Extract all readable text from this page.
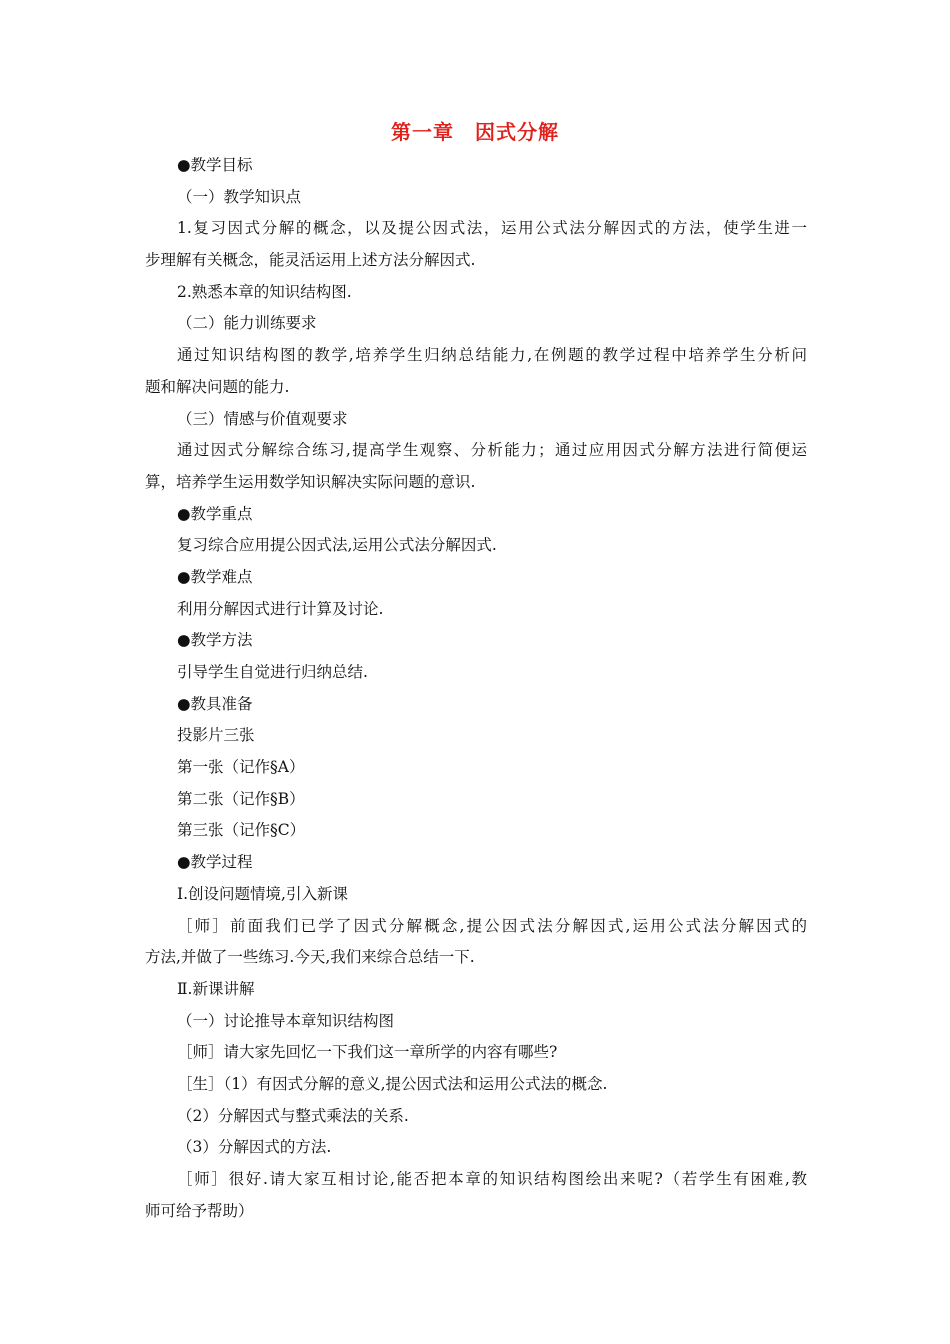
第一章　因式分解
●教学目标
（一）教学知识点
1.复习因式分解的概念，以及提公因式法，运用公式法分解因式的方法，使学生进一
步理解有关概念，能灵活运用上述方法分解因式.
2.熟悉本章的知识结构图.
（二）能力训练要求
通过知识结构图的教学,培养学生归纳总结能力,在例题的教学过程中培养学生分析问
题和解决问题的能力.
（三）情感与价值观要求
通过因式分解综合练习,提高学生观察、分析能力；通过应用因式分解方法进行简便运
算，培养学生运用数学知识解决实际问题的意识.
●教学重点
复习综合应用提公因式法,运用公式法分解因式.
●教学难点
利用分解因式进行计算及讨论.
●教学方法
引导学生自觉进行归纳总结.
●教具准备
投影片三张
第一张（记作§A）
第二张（记作§B）
第三张（记作§C）
●教学过程
Ⅰ.创设问题情境,引入新课
［师］前面我们已学了因式分解概念,提公因式法分解因式,运用公式法分解因式的
方法,并做了一些练习.今天,我们来综合总结一下.
Ⅱ.新课讲解
（一）讨论推导本章知识结构图
［师］请大家先回忆一下我们这一章所学的内容有哪些?
［生］（1）有因式分解的意义,提公因式法和运用公式法的概念.
（2）分解因式与整式乘法的关系.
（3）分解因式的方法.
［师］很好.请大家互相讨论,能否把本章的知识结构图绘出来呢?（若学生有困难,教
师可给予帮助）
